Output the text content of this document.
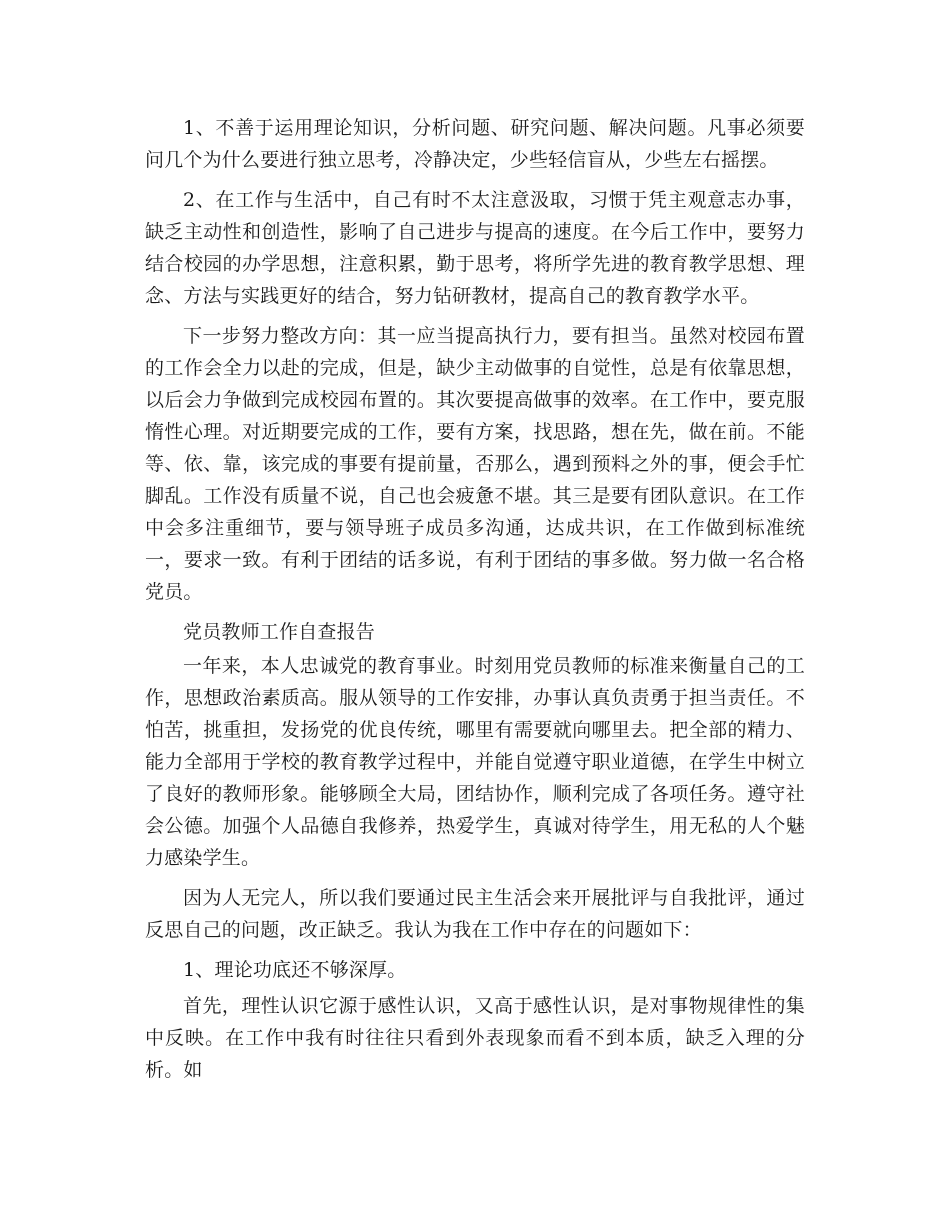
1、不善于运用理论知识，分析问题、研究问题、解决问题。凡事必须要问几个为什么要进行独立思考，冷静决定，少些轻信盲从，少些左右摇摆。

2、在工作与生活中，自己有时不太注意汲取，习惯于凭主观意志办事，缺乏主动性和创造性，影响了自己进步与提高的速度。在今后工作中，要努力结合校园的办学思想，注意积累，勤于思考，将所学先进的教育教学思想、理念、方法与实践更好的结合，努力钻研教材，提高自己的教育教学水平。

下一步努力整改方向：其一应当提高执行力，要有担当。虽然对校园布置的工作会全力以赴的完成，但是，缺少主动做事的自觉性，总是有依靠思想，以后会力争做到完成校园布置的。其次要提高做事的效率。在工作中，要克服惰性心理。对近期要完成的工作，要有方案，找思路，想在先，做在前。不能等、依、靠，该完成的事要有提前量，否那么，遇到预料之外的事，便会手忙脚乱。工作没有质量不说，自己也会疲惫不堪。其三是要有团队意识。在工作中会多注重细节，要与领导班子成员多沟通，达成共识，在工作做到标准统一，要求一致。有利于团结的话多说，有利于团结的事多做。努力做一名合格党员。

党员教师工作自查报告

一年来，本人忠诚党的教育事业。时刻用党员教师的标准来衡量自己的工作，思想政治素质高。服从领导的工作安排，办事认真负责勇于担当责任。不怕苦，挑重担，发扬党的优良传统，哪里有需要就向哪里去。把全部的精力、能力全部用于学校的教育教学过程中，并能自觉遵守职业道德，在学生中树立了良好的教师形象。能够顾全大局，团结协作，顺利完成了各项任务。遵守社会公德。加强个人品德自我修养，热爱学生，真诚对待学生，用无私的人个魅力感染学生。

因为人无完人，所以我们要通过民主生活会来开展批评与自我批评，通过反思自己的问题，改正缺乏。我认为我在工作中存在的问题如下：

1、理论功底还不够深厚。

首先，理性认识它源于感性认识，又高于感性认识，是对事物规律性的集中反映。在工作中我有时往往只看到外表现象而看不到本质，缺乏入理的分析。如
